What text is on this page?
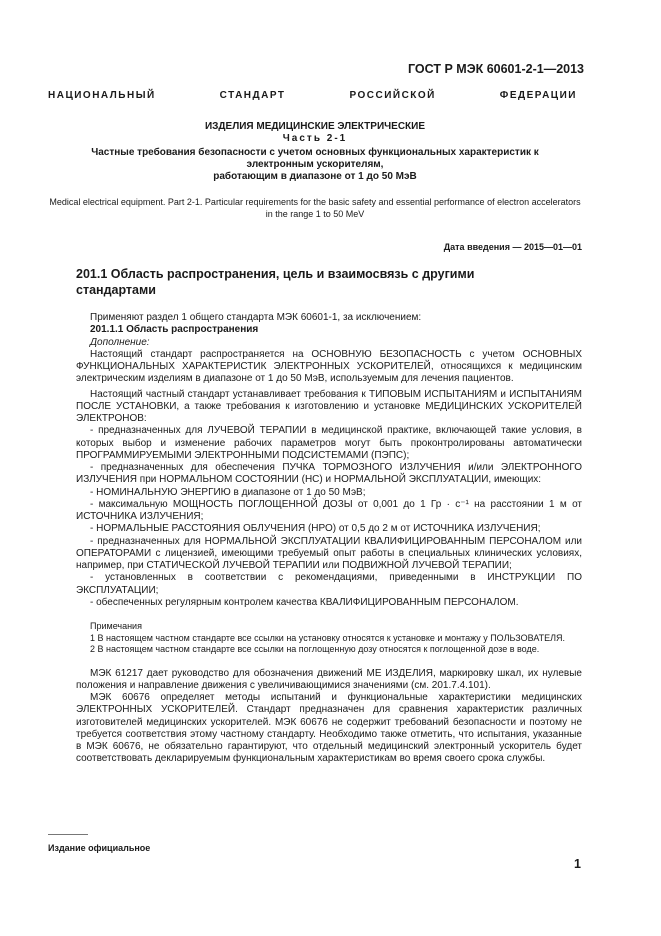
ГОСТ Р МЭК 60601-2-1—2013
НАЦИОНАЛЬНЫЙ СТАНДАРТ РОССИЙСКОЙ ФЕДЕРАЦИИ
ИЗДЕЛИЯ МЕДИЦИНСКИЕ ЭЛЕКТРИЧЕСКИЕ
Часть 2-1
Частные требования безопасности с учетом основных функциональных характеристик к
электронным ускорителям,
работающим в диапазоне от 1 до 50 МэВ
Medical electrical equipment. Part 2-1. Particular requirements for the basic safety and essential performance of electron accelerators in the range 1 to 50 MeV
Дата введения — 2015—01—01
201.1 Область распространения, цель и взаимосвязь с другими стандартами

Применяют раздел 1 общего стандарта МЭК 60601-1, за исключением:

201.1.1 Область распространения

Дополнение:

Настоящий стандарт распространяется на ОСНОВНУЮ БЕЗОПАСНОСТЬ с учетом ОСНОВНЫХ ФУНКЦИОНАЛЬНЫХ ХАРАКТЕРИСТИК ЭЛЕКТРОННЫХ УСКОРИТЕЛЕЙ, относящихся к медицинским электрическим изделиям в диапазоне от 1 до 50 МэВ, используемым для лечения пациентов.

Настоящий частный стандарт устанавливает требования к ТИПОВЫМ ИСПЫТАНИЯМ и ИСПЫТАНИЯМ ПОСЛЕ УСТАНОВКИ, а также требования к изготовлению и установке МЕДИЦИНСКИХ УСКОРИТЕЛЕЙ ЭЛЕКТРОНОВ:

- предназначенных для ЛУЧЕВОЙ ТЕРАПИИ в медицинской практике, включающей такие условия, в которых выбор и изменение рабочих параметров могут быть проконтролированы автоматически ПРОГРАММИРУЕМЫМИ ЭЛЕКТРОННЫМИ ПОДСИСТЕМАМИ (ПЭПС);

- предназначенных для обеспечения ПУЧКА ТОРМОЗНОГО ИЗЛУЧЕНИЯ и/или ЭЛЕКТРОННОГО ИЗЛУЧЕНИЯ при НОРМАЛЬНОМ СОСТОЯНИИ (НС) и НОРМАЛЬНОЙ ЭКСПЛУАТАЦИИ, имеющих:

- НОМИНАЛЬНУЮ ЭНЕРГИЮ в диапазоне от 1 до 50 МэВ;

- максимальную МОЩНОСТЬ ПОГЛОЩЕННОЙ ДОЗЫ от 0,001 до 1 Гр · с⁻¹ на расстоянии 1 м от ИСТОЧНИКА ИЗЛУЧЕНИЯ;

- НОРМАЛЬНЫЕ РАССТОЯНИЯ ОБЛУЧЕНИЯ (НРО) от 0,5 до 2 м от ИСТОЧНИКА ИЗЛУЧЕНИЯ;

- предназначенных для НОРМАЛЬНОЙ ЭКСПЛУАТАЦИИ КВАЛИФИЦИРОВАННЫМ ПЕРСОНАЛОМ или ОПЕРАТОРАМИ с лицензией, имеющими требуемый опыт работы в специальных клинических условиях, например, при СТАТИЧЕСКОЙ ЛУЧЕВОЙ ТЕРАПИИ или ПОДВИЖНОЙ ЛУЧЕВОЙ ТЕРАПИИ;

- установленных в соответствии с рекомендациями, приведенными в ИНСТРУКЦИИ ПО ЭКСПЛУАТАЦИИ;

- обеспеченных регулярным контролем качества КВАЛИФИЦИРОВАННЫМ ПЕРСОНАЛОМ.

Примечания

1 В настоящем частном стандарте все ссылки на установку относятся к установке и монтажу у ПОЛЬЗОВАТЕЛЯ.

2 В настоящем частном стандарте все ссылки на поглощенную дозу относятся к поглощенной дозе в воде.

МЭК 61217 дает руководство для обозначения движений МЕ ИЗДЕЛИЯ, маркировку шкал, их нулевые положения и направление движения с увеличивающимися значениями (см. 201.7.4.101).

МЭК 60676 определяет методы испытаний и функциональные характеристики медицинских ЭЛЕКТРОННЫХ УСКОРИТЕЛЕЙ. Стандарт предназначен для сравнения характеристик различных изготовителей медицинских ускорителей. МЭК 60676 не содержит требований безопасности и поэтому не требуется соответствия этому частному стандарту. Необходимо также отметить, что испытания, указанные в МЭК 60676, не обязательно гарантируют, что отдельный медицинский электронный ускоритель будет соответствовать декларируемым функциональным характеристикам во время своего срока службы.

Издание официальное
1
